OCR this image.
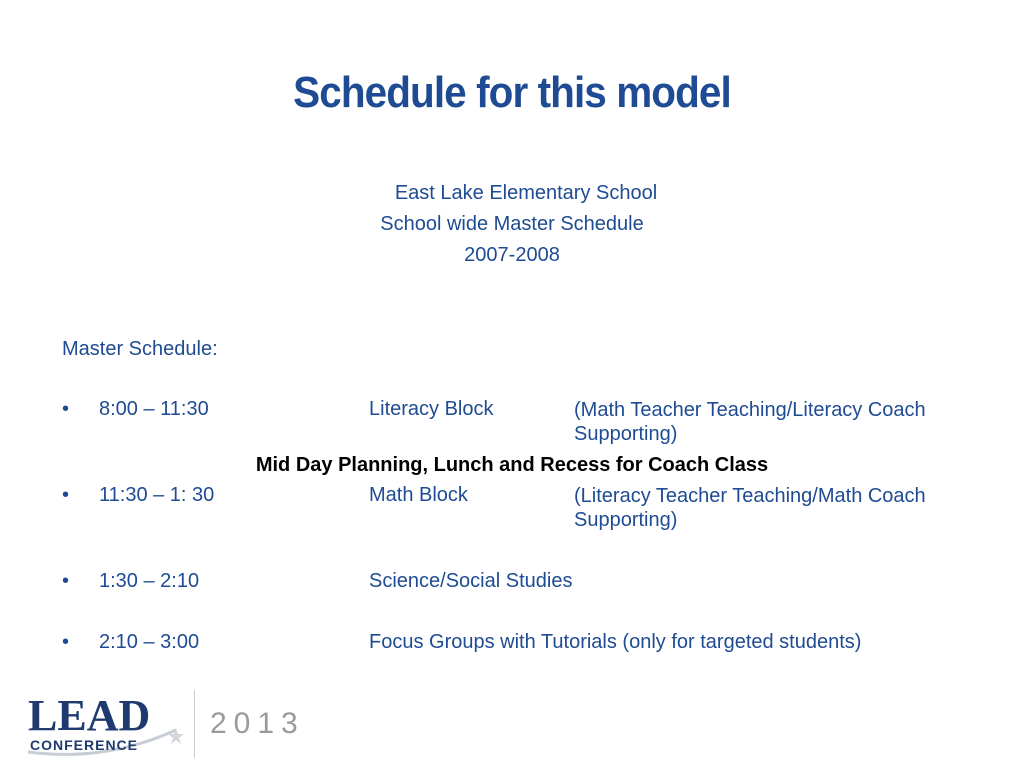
Schedule for this model
East Lake Elementary School
School wide Master Schedule
2007-2008
Master Schedule:
• 8:00 – 11:30	Literacy Block	(Math Teacher Teaching/Literacy Coach Supporting)
Mid Day Planning, Lunch and Recess for Coach Class
• 11:30 – 1: 30	Math Block	(Literacy Teacher Teaching/Math Coach Supporting)
• 1:30 – 2:10	Science/Social Studies
• 2:10 – 3:00	Focus Groups with Tutorials (only for targeted students)
LEAD
CONFERENCE
2013
